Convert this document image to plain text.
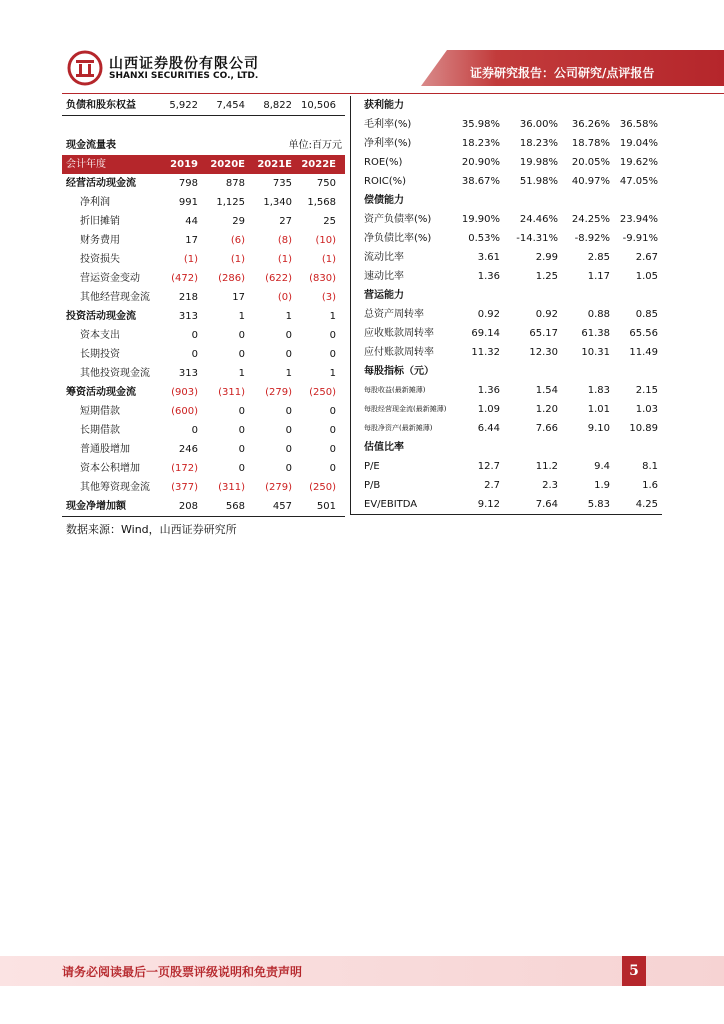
山西证券股份有限公司
SHANXI SECURITIES CO., LTD.	证券研究报告：公司研究/点评报告
负债和股东权益	5,922 7,454 8,822 10,506
现金流量表	单位:百万元
会计年度	2019 2020E 2021E 2022E
经营活动现金流	798	878	735 750
净利润	991 1,125 1,340 1,568
折旧摊销	44	29	27	25
财务费用	17	(6)	(8) (10)
投资损失	(1)	(1)	(1)	(1)
营运资金变动	(472) (286) (622) (830)
其他经营现金流	218	17	(0)	(3)
投资活动现金流	313	1	1	1
资本支出	0	0	0	0
长期投资	0	0	0	0
其他投资现金流	313	1	1	1
筹资活动现金流	(903) (311) (279) (250)
短期借款	(600)	0	0	0
长期借款	0	0	0	0
普通股增加	246	0	0	0
资本公积增加	(172)	0	0	0
其他筹资现金流 (377) (311) (279) (250)
现金净增加额	208	568	457 501
获利能力
毛利率(%)	35.98% 36.00% 36.26% 36.58%
净利率(%)	18.23% 18.23% 18.78% 19.04%
ROE(%)	20.90% 19.98% 20.05% 19.62%
ROIC(%)	38.67% 51.98% 40.97% 47.05%
偿债能力
资产负债率(%)	19.90% 24.46% 24.25% 23.94%
净负债比率(%)	0.53% -14.31% -8.92% -9.91%
流动比率	3.61	2.99	2.85	2.67
速动比率	1.36	1.25	1.17	1.05
营运能力
总资产周转率	0.92	0.92	0.88	0.85
应收账款周转率	69.14	65.17 61.38 65.56
应付账款周转率	11.32	12.30 10.31 11.49
每股指标（元）
每股收益(最新摊薄)	1.36	1.54	1.83	2.15
每股经营现金流(最新摊薄)	1.09	1.20	1.01	1.03
每股净资产(最新摊薄)	6.44	7.66	9.10 10.89
估值比率
P/E	12.7	11.2	9.4	8.1
P/B	2.7	2.3	1.9	1.6
EV/EBITDA	9.12	7.64	5.83	4.25
数据来源：Wind，山西证券研究所
请务必阅读最后一页股票评级说明和免责声明	5
